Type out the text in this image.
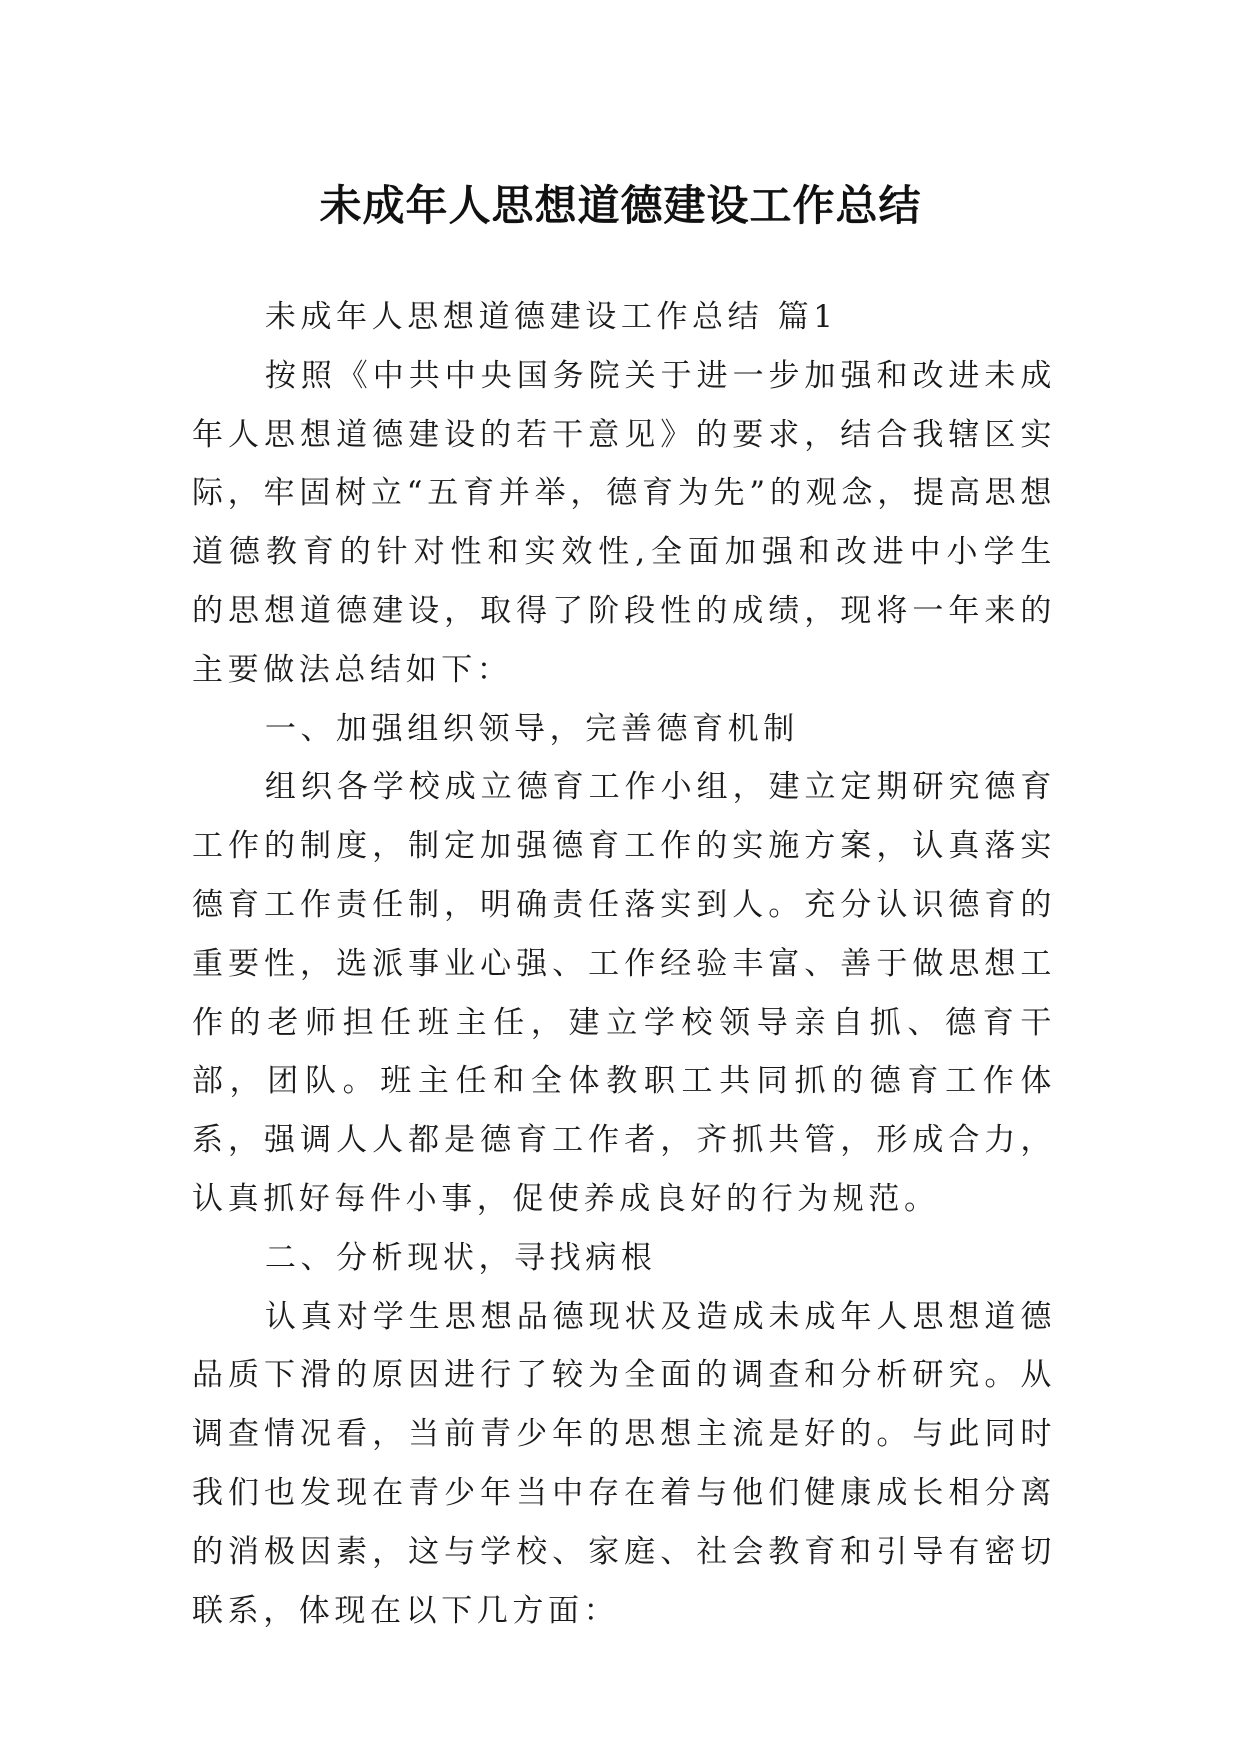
未成年人思想道德建设工作总结

未成年人思想道德建设工作总结 篇1

按照《中共中央国务院关于进一步加强和改进未成年人思想道德建设的若干意见》的要求，结合我辖区实际，牢固树立“五育并举，德育为先”的观念，提高思想道德教育的针对性和实效性,全面加强和改进中小学生的思想道德建设，取得了阶段性的成绩，现将一年来的主要做法总结如下：

一、加强组织领导，完善德育机制

组织各学校成立德育工作小组，建立定期研究德育工作的制度，制定加强德育工作的实施方案，认真落实德育工作责任制，明确责任落实到人。充分认识德育的重要性，选派事业心强、工作经验丰富、善于做思想工作的老师担任班主任，建立学校领导亲自抓、德育干部，团队。班主任和全体教职工共同抓的德育工作体系，强调人人都是德育工作者，齐抓共管，形成合力，认真抓好每件小事，促使养成良好的行为规范。

二、分析现状，寻找病根

认真对学生思想品德现状及造成未成年人思想道德品质下滑的原因进行了较为全面的调查和分析研究。从调查情况看，当前青少年的思想主流是好的。与此同时我们也发现在青少年当中存在着与他们健康成长相分离的消极因素，这与学校、家庭、社会教育和引导有密切联系，体现在以下几方面：
